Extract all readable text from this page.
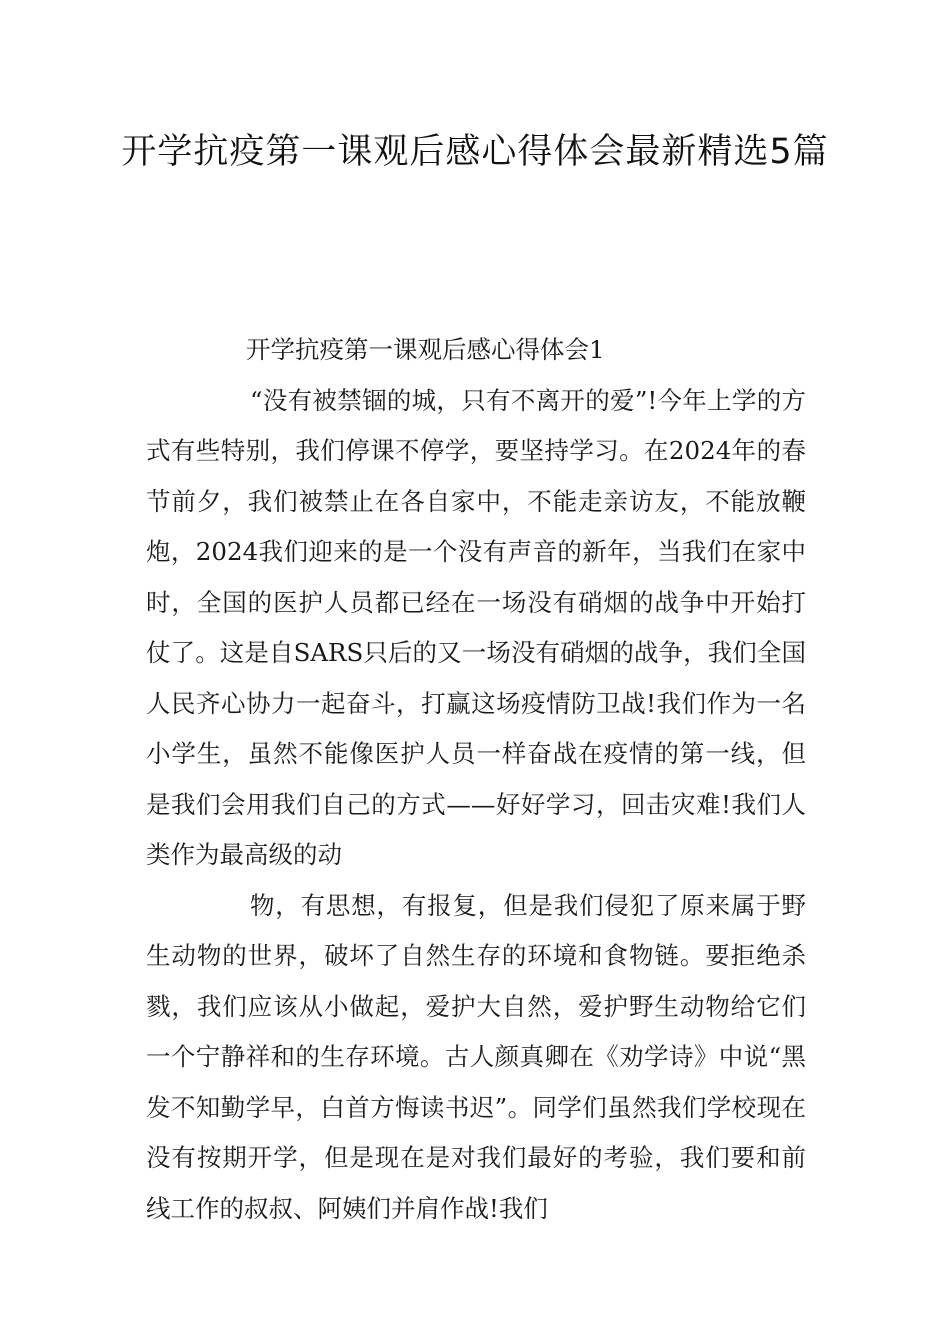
开学抗疫第一课观后感心得体会最新精选5篇
开学抗疫第一课观后感心得体会1

“没有被禁锢的城，只有不离开的爱”!今年上学的方式有些特别，我们停课不停学，要坚持学习。在2024年的春节前夕，我们被禁止在各自家中，不能走亲访友，不能放鞭炮，2024我们迎来的是一个没有声音的新年，当我们在家中时，全国的医护人员都已经在一场没有硝烟的战争中开始打仗了。这是自SARS只后的又一场没有硝烟的战争，我们全国人民齐心协力一起奋斗，打赢这场疫情防卫战!我们作为一名小学生，虽然不能像医护人员一样奋战在疫情的第一线，但是我们会用我们自己的方式——好好学习，回击灾难!我们人类作为最高级的动

物，有思想，有报复，但是我们侵犯了原来属于野生动物的世界，破坏了自然生存的环境和食物链。要拒绝杀戮，我们应该从小做起，爱护大自然，爱护野生动物给它们一个宁静祥和的生存环境。古人颜真卿在《劝学诗》中说“黑发不知勤学早，白首方悔读书迟”。同学们虽然我们学校现在没有按期开学，但是现在是对我们最好的考验，我们要和前线工作的叔叔、阿姨们并肩作战!我们
